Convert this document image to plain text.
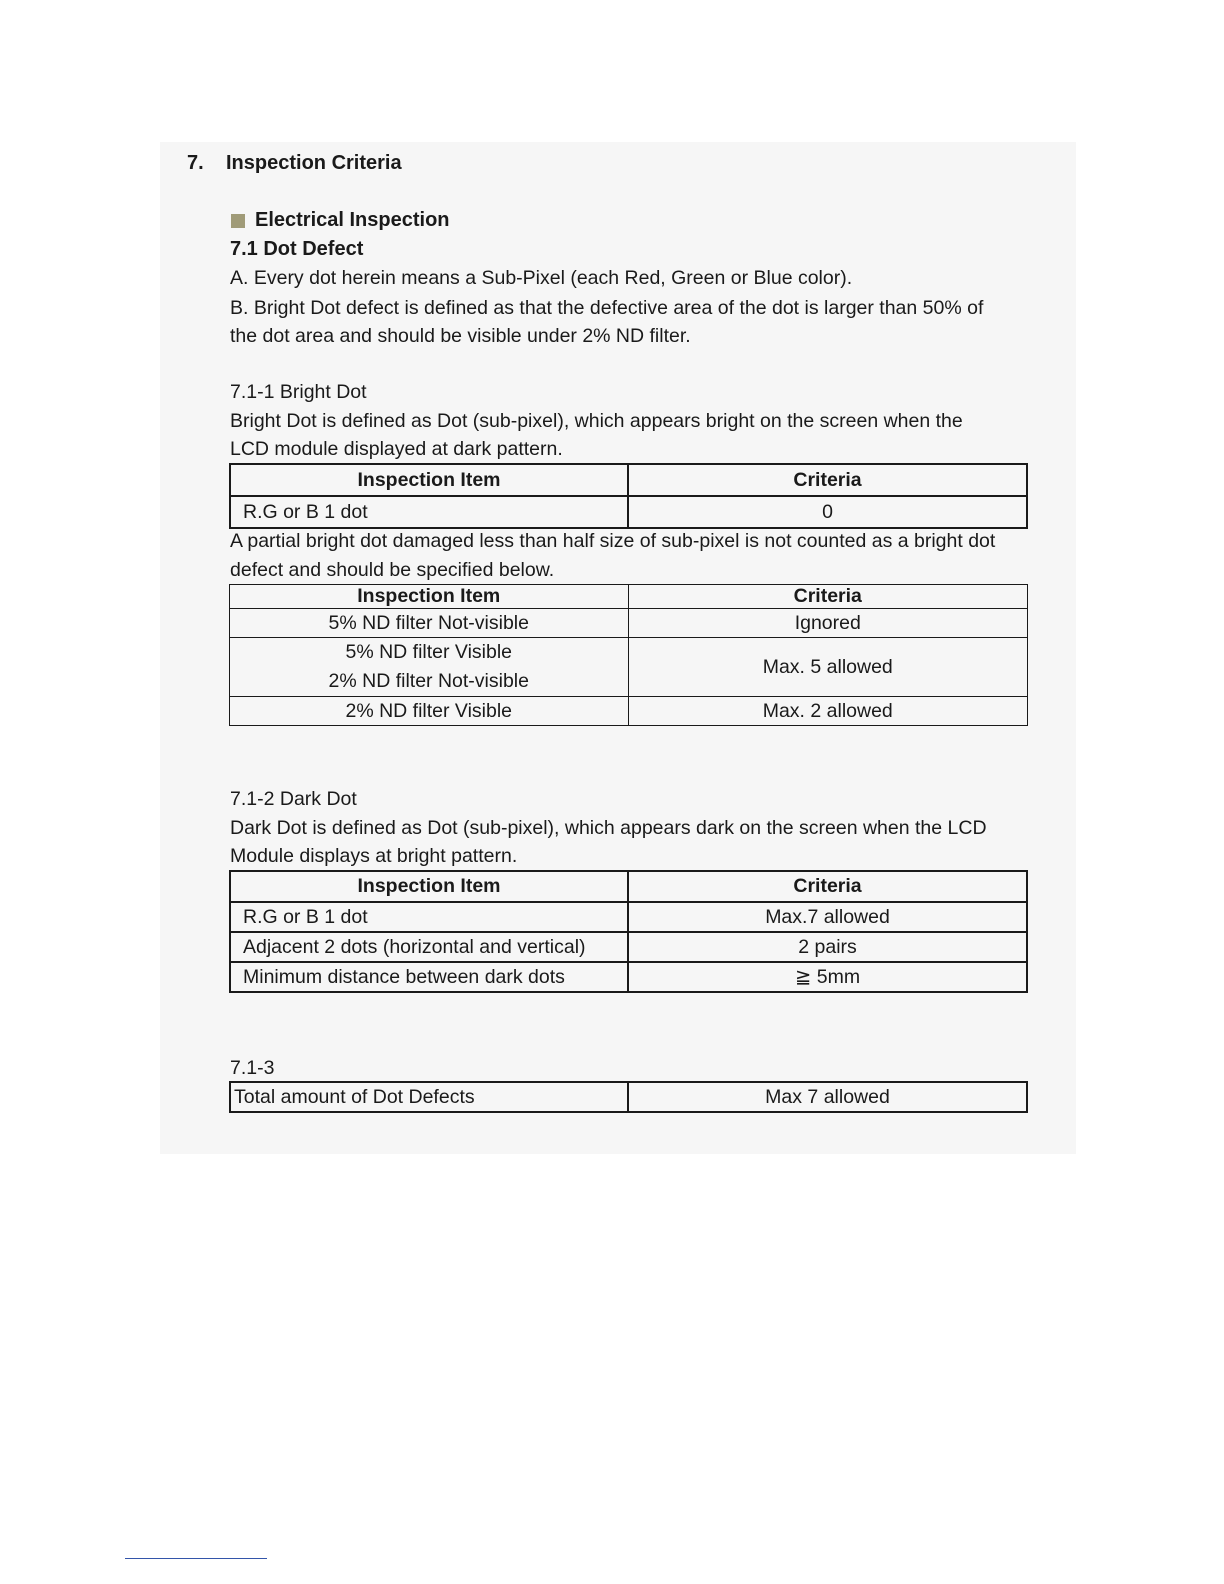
7. Inspection Criteria
Electrical Inspection
7.1 Dot Defect
A. Every dot herein means a Sub-Pixel (each Red, Green or Blue color).
B. Bright Dot defect is defined as that the defective area of the dot is larger than 50% of
the dot area and should be visible under 2% ND filter.
7.1-1 Bright Dot
Bright Dot is defined as Dot (sub-pixel), which appears bright on the screen when the
LCD module displayed at dark pattern.
Inspection Item	Criteria
R.G or B 1 dot	0
A partial bright dot damaged less than half size of sub-pixel is not counted as a bright dot
defect and should be specified below.
Inspection Item	Criteria
5% ND filter Not-visible	Ignored

5% ND filter Visible
2% ND filter Not-visible	Max. 5 allowed
2% ND filter Visible	Max. 2 allowed
7.1-2 Dark Dot
Dark Dot is defined as Dot (sub-pixel), which appears dark on the screen when the LCD
Module displays at bright pattern.
Inspection Item	Criteria
R.G or B 1 dot	Max.7 allowed
Adjacent 2 dots (horizontal and vertical)	2 pairs
Minimum distance between dark dots	≧ 5mm
7.1-3
Total amount of Dot Defects	Max 7 allowed
